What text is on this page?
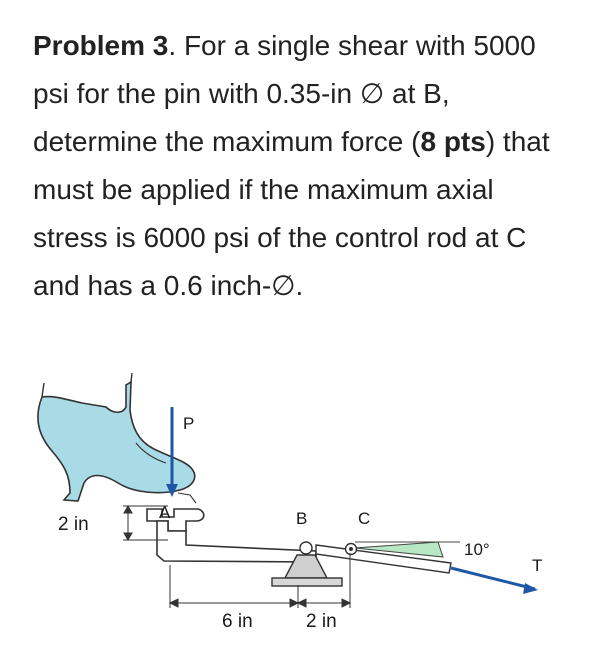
Problem 3. For a single shear with 5000 psi for the pin with 0.35-in ∅ at B, determine the maximum force (8 pts) that must be applied if the maximum axial stress is 6000 psi of the control rod at C and has a 0.6 inch-∅.

P
A	B	C
10°
T
2 in
6 in	2 in
